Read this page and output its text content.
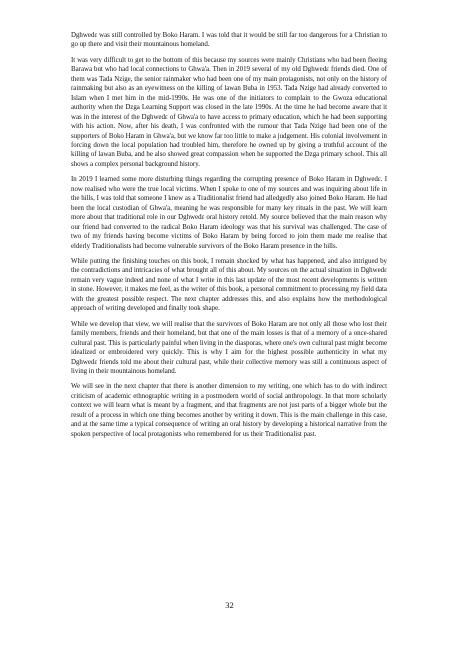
Dghwedɛ was still controlled by Boko Haram. I was told that it would be still far too dangerous for a Christian to go up there and visit their mountainous homeland.

It was very difficult to get to the bottom of this because my sources were mainly Christians who had been fleeing Barawa but who had local connections to Ghwa'a. Then in 2019 several of my old Dghwedɛ friends died. One of them was Tada Nzige, the senior rainmaker who had been one of my main protagonists, not only on the history of rainmaking but also as an eyewitness on the killing of lawan Buba in 1953. Tada Nzige had already converted to Islam when I met him in the mid-1990s. He was one of the initiators to complain to the Gwoza educational authority when the Dzga Learning Support was closed in the late 1990s. At the time he had become aware that it was in the interest of the Dghwedɛ of Ghwa'a to have access to primary education, which he had been supporting with his action. Now, after his death, I was confronted with the rumour that Tada Nzige had been one of the supporters of Boko Haram in Ghwa'a, but we know far too little to make a judgement. His colonial involvement in forcing down the local population had troubled him, therefore he owned up by giving a truthful account of the killing of lawan Buba, and he also showed great compassion when he supported the Dzga primary school. This all shows a complex personal background history.

In 2019 I learned some more disturbing things regarding the corrupting presence of Boko Haram in Dghwedɛ. I now realised who were the true local victims. When I spoke to one of my sources and was inquiring about life in the hills, I was told that someone I knew as a Traditionalist friend had alledgedly also joined Boko Haram. He had been the local custodian of Ghwa'a, meaning he was responsible for many key rituals in the past. We will learn more about that traditional role in our Dghwedɛ oral history retold. My source believed that the main reason why our friend had converted to the radical Boko Haram ideology was that his survival was challenged. The case of two of my friends having become victims of Boko Haram by being forced to join them made me realise that elderly Traditionalists had become vulnerable survivors of the Boko Haram presence in the hills.

While putting the finishing touches on this book, I remain shocked by what has happened, and also intrigued by the contradictions and intricacies of what brought all of this about. My sources on the actual situation in Dghwedɛ remain very vague indeed and none of what I write in this last update of the most recent developments is written in stone. However, it makes me feel, as the writer of this book, a personal commitment to processing my field data with the greatest possible respect. The next chapter addresses this, and also explains how the methodological approach of writing developed and finally took shape.

While we develop that view, we will realise that the survivors of Boko Haram are not only all those who lost their family members, friends and their homeland, but that one of the main losses is that of a memory of a once-shared cultural past. This is particularly painful when living in the diasporas, where one's own cultural past might become idealized or embroidered very quickly. This is why I aim for the highest possible authenticity in what my Dghwedɛ friends told me about their cultural past, while their collective memory was still a continuous aspect of living in their mountainous homeland.

We will see in the next chapter that there is another dimension to my writing, one which has to do with indirect criticism of academic ethnographic writing in a postmodern world of social anthropology. In that more scholarly context we will learn what is meant by a fragment, and that fragments are not just parts of a bigger whole but the result of a process in which one thing becomes another by writing it down. This is the main challenge in this case, and at the same time a typical consequence of writing an oral history by developing a historical narrative from the spoken perspective of local protagonists who remembered for us their Traditionalist past.

32
